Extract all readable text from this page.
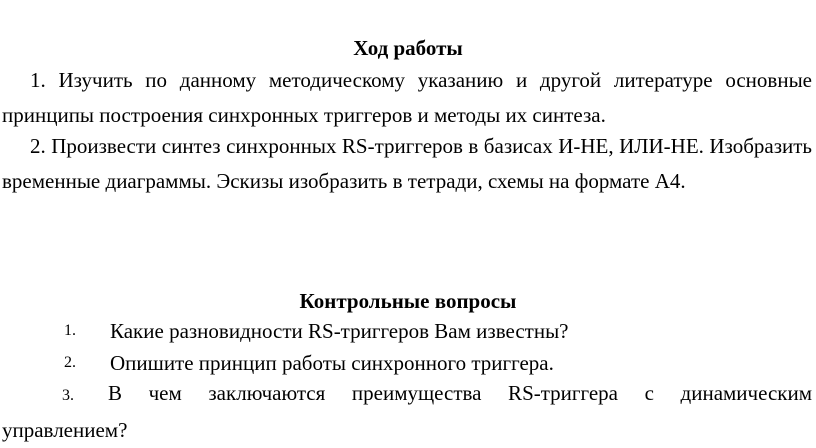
Ход работы
1. Изучить по данному методическому указанию и другой литературе основные принципы построения синхронных триггеров и методы их синтеза.
2. Произвести синтез синхронных RS-триггеров в базисах И-НЕ, ИЛИ-НЕ. Изобразить временные диаграммы. Эскизы изобразить в тетради, схемы на формате А4.
Контрольные вопросы
1. Какие разновидности RS-триггеров Вам известны?
2. Опишите принцип работы синхронного триггера.
3. В чем заключаются преимущества RS-триггера с динамическим управлением?
